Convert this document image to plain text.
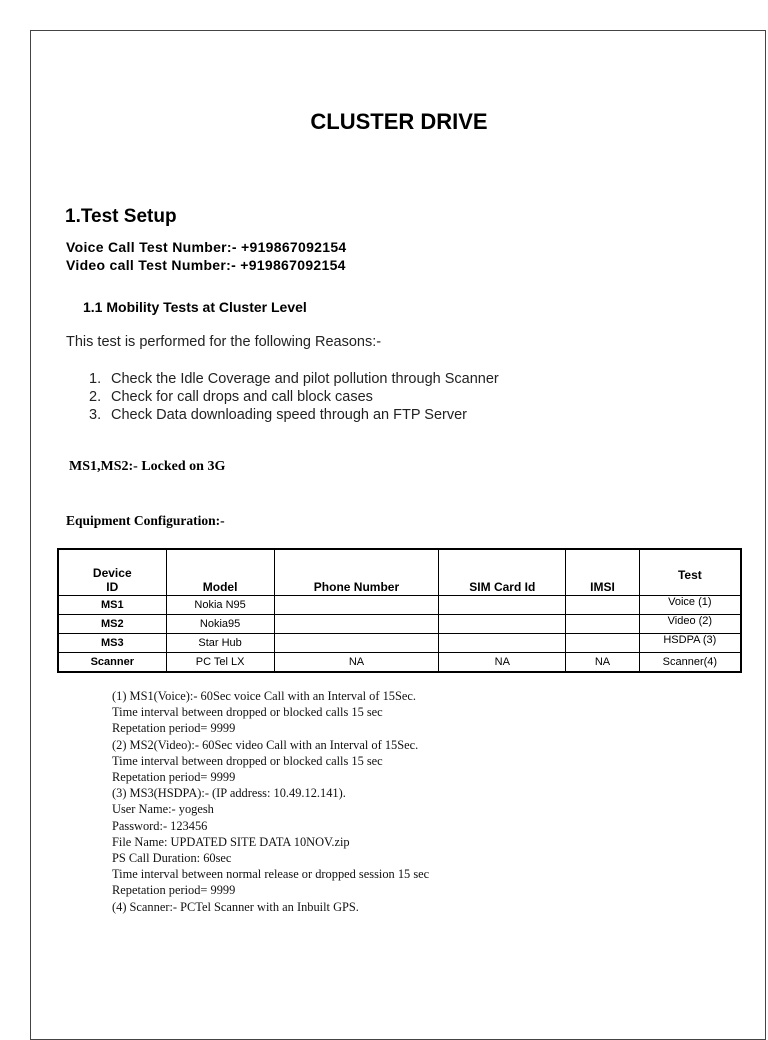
CLUSTER DRIVE
1.Test Setup
Voice Call Test Number:- +919867092154
Video call Test Number:- +919867092154
1.1 Mobility Tests at Cluster Level
This test is performed for the following Reasons:-
1. Check the Idle Coverage and pilot pollution through Scanner
2. Check for call drops and call block cases
3. Check Data downloading speed through an FTP Server
MS1,MS2:- Locked on 3G
Equipment Configuration:-
Device
ID	Model	Phone Number	SIM Card Id	IMSI	Test
MS1	Nokia N95				Voice (1)
MS2	Nokia95				Video (2)
MS3	Star Hub				HSDPA (3)
Scanner	PC Tel LX	NA	NA	NA	Scanner(4)
(1) MS1(Voice):- 60Sec voice Call with an Interval of 15Sec.
Time interval between dropped or blocked calls 15 sec
Repetation period= 9999
(2) MS2(Video):- 60Sec video Call with an Interval of 15Sec.
Time interval between dropped or blocked calls 15 sec
Repetation period= 9999
(3) MS3(HSDPA):- (IP address: 10.49.12.141).
User Name:- yogesh
Password:- 123456
File Name: UPDATED SITE DATA 10NOV.zip
PS Call Duration: 60sec
Time interval between normal release or dropped session 15 sec
Repetation period= 9999
(4) Scanner:- PCTel Scanner with an Inbuilt GPS.
